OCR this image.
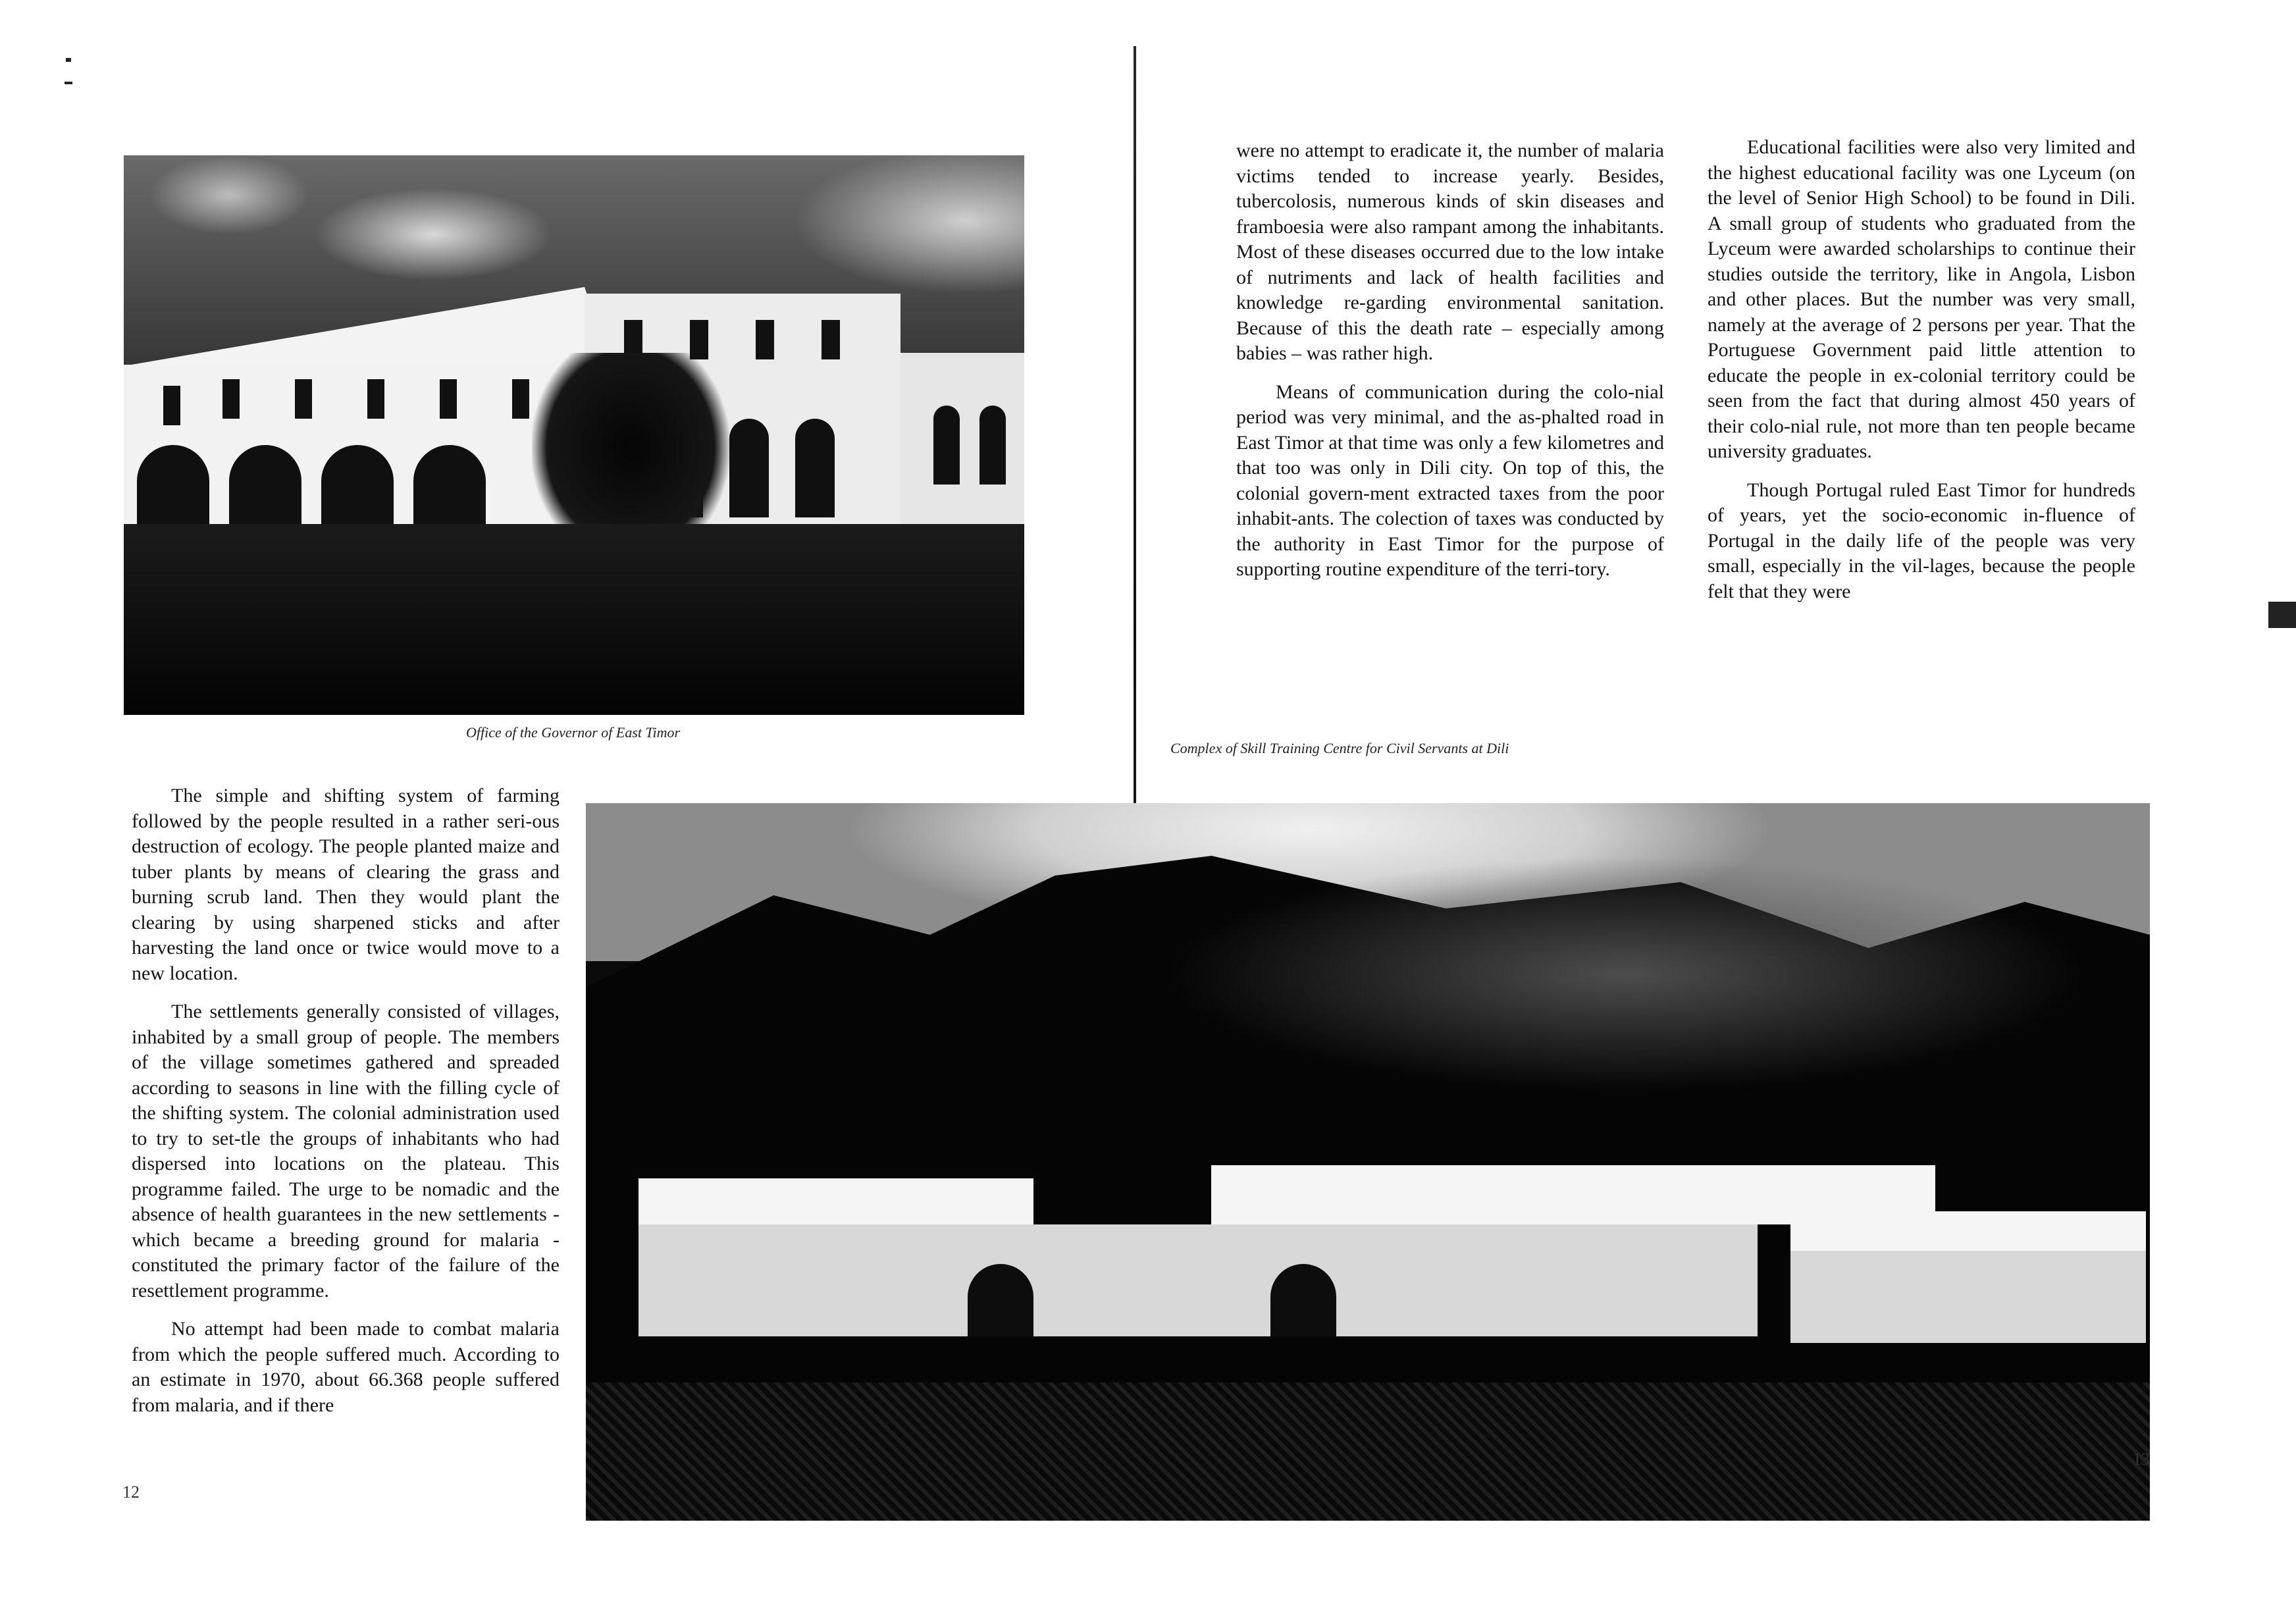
Office of the Governor of East Timor

The simple and shifting system of farming followed by the people resulted in a rather seri-ous destruction of ecology. The people planted maize and tuber plants by means of clearing the grass and burning scrub land. Then they would plant the clearing by using sharpened sticks and after harvesting the land once or twice would move to a new location.

The settlements generally consisted of villages, inhabited by a small group of people. The members of the village sometimes gathered and spreaded according to seasons in line with the filling cycle of the shifting system. The colonial administration used to try to set-tle the groups of inhabitants who had dispersed into locations on the plateau. This programme failed. The urge to be nomadic and the absence of health guarantees in the new settlements - which became a breeding ground for malaria - constituted the primary factor of the failure of the resettlement programme.

No attempt had been made to combat malaria from which the people suffered much. According to an estimate in 1970, about 66.368 people suffered from malaria, and if there

12

were no attempt to eradicate it, the number of malaria victims tended to increase yearly. Besides, tubercolosis, numerous kinds of skin diseases and framboesia were also rampant among the inhabitants. Most of these diseases occurred due to the low intake of nutriments and lack of health facilities and knowledge re-garding environmental sanitation. Because of this the death rate – especially among babies – was rather high.

Means of communication during the colo-nial period was very minimal, and the as-phalted road in East Timor at that time was only a few kilometres and that too was only in Dili city. On top of this, the colonial govern-ment extracted taxes from the poor inhabit-ants. The colection of taxes was conducted by the authority in East Timor for the purpose of supporting routine expenditure of the terri-tory.

Educational facilities were also very limited and the highest educational facility was one Lyceum (on the level of Senior High School) to be found in Dili. A small group of students who graduated from the Lyceum were awarded scholarships to continue their studies outside the territory, like in Angola, Lisbon and other places. But the number was very small, namely at the average of 2 persons per year. That the Portuguese Government paid little attention to educate the people in ex-colonial territory could be seen from the fact that during almost 450 years of their colo-nial rule, not more than ten people became university graduates.

Though Portugal ruled East Timor for hundreds of years, yet the socio-economic in-fluence of Portugal in the daily life of the people was very small, especially in the vil-lages, because the people felt that they were

Complex of Skill Training Centre for Civil Servants at Dili
13
